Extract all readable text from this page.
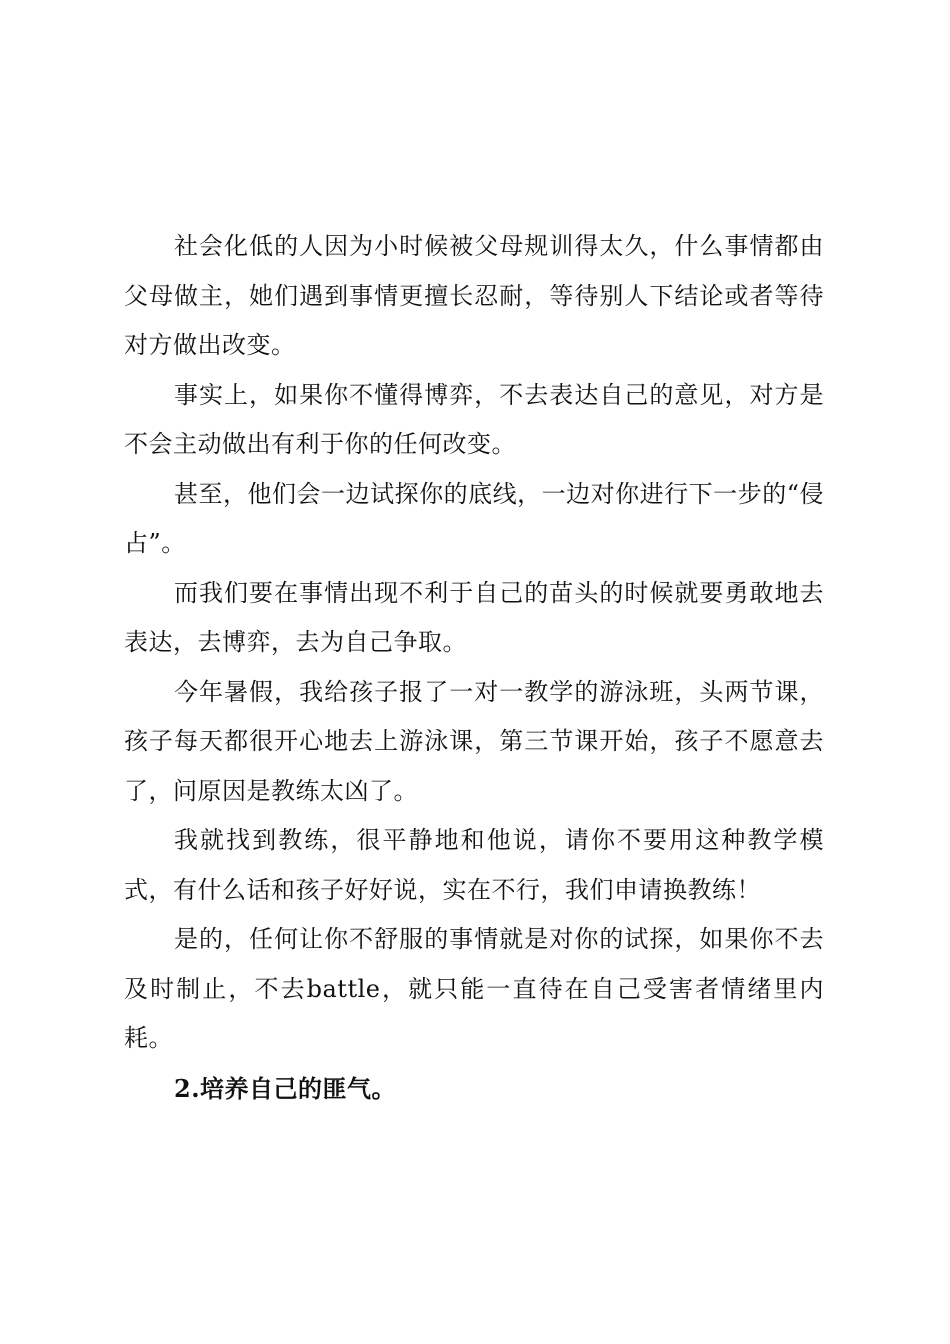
社会化低的人因为小时候被父母规训得太久，什么事情都由父母做主，她们遇到事情更擅长忍耐，等待别人下结论或者等待对方做出改变。

事实上，如果你不懂得博弈，不去表达自己的意见，对方是不会主动做出有利于你的任何改变。

甚至，他们会一边试探你的底线，一边对你进行下一步的“侵占”。

而我们要在事情出现不利于自己的苗头的时候就要勇敢地去表达，去博弈，去为自己争取。

今年暑假，我给孩子报了一对一教学的游泳班，头两节课，孩子每天都很开心地去上游泳课，第三节课开始，孩子不愿意去了，问原因是教练太凶了。

我就找到教练，很平静地和他说，请你不要用这种教学模式，有什么话和孩子好好说，实在不行，我们申请换教练！

是的，任何让你不舒服的事情就是对你的试探，如果你不去及时制止，不去battle，就只能一直待在自己受害者情绪里内耗。

2.培养自己的匪气。
